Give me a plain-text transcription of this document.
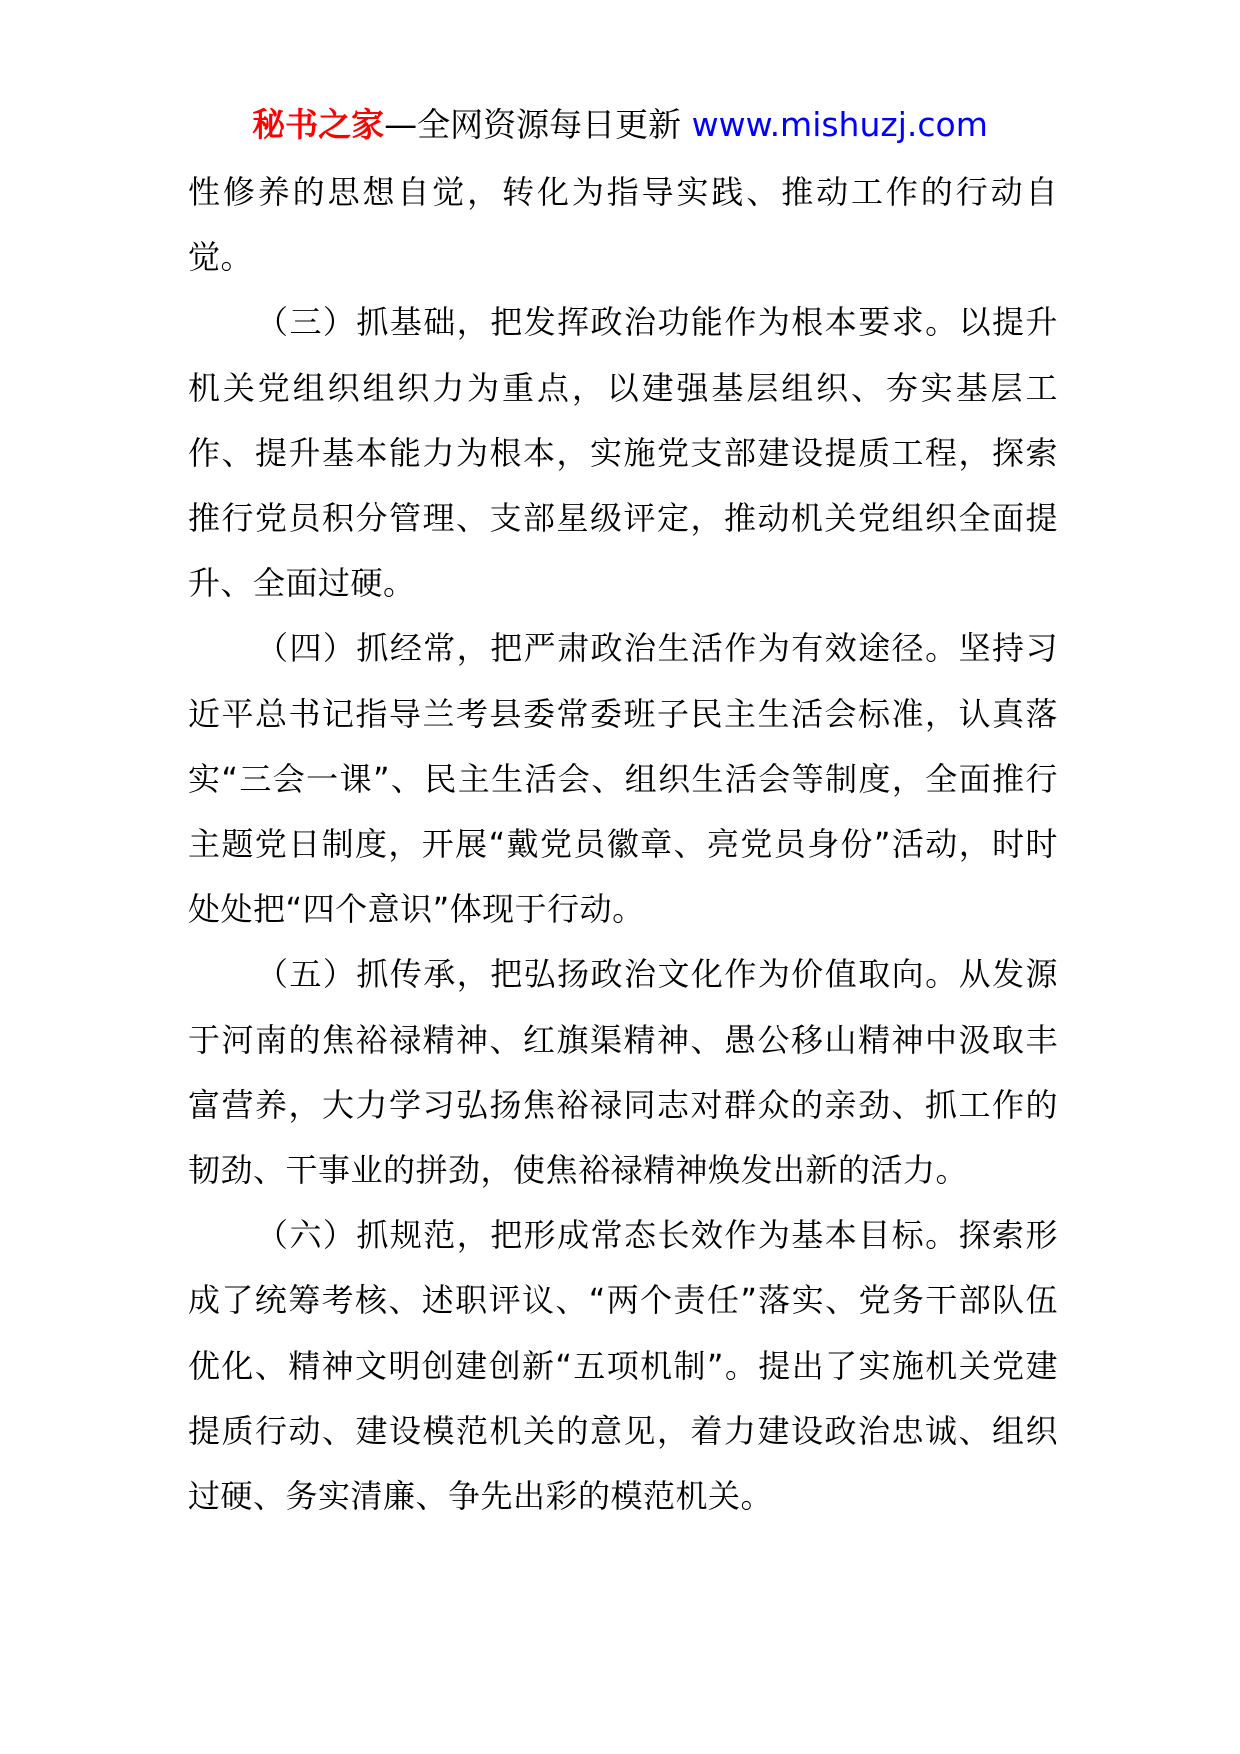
秘书之家—全网资源每日更新 www.mishuzj.com

性修养的思想自觉，转化为指导实践、推动工作的行动自觉。

（三）抓基础，把发挥政治功能作为根本要求。以提升机关党组织组织力为重点，以建强基层组织、夯实基层工作、提升基本能力为根本，实施党支部建设提质工程，探索推行党员积分管理、支部星级评定，推动机关党组织全面提升、全面过硬。

（四）抓经常，把严肃政治生活作为有效途径。坚持习近平总书记指导兰考县委常委班子民主生活会标准，认真落实“三会一课”、民主生活会、组织生活会等制度，全面推行主题党日制度，开展“戴党员徽章、亮党员身份”活动，时时处处把“四个意识”体现于行动。

（五）抓传承，把弘扬政治文化作为价值取向。从发源于河南的焦裕禄精神、红旗渠精神、愚公移山精神中汲取丰富营养，大力学习弘扬焦裕禄同志对群众的亲劲、抓工作的韧劲、干事业的拼劲，使焦裕禄精神焕发出新的活力。

（六）抓规范，把形成常态长效作为基本目标。探索形成了统筹考核、述职评议、“两个责任”落实、党务干部队伍优化、精神文明创建创新“五项机制”。提出了实施机关党建提质行动、建设模范机关的意见，着力建设政治忠诚、组织过硬、务实清廉、争先出彩的模范机关。
